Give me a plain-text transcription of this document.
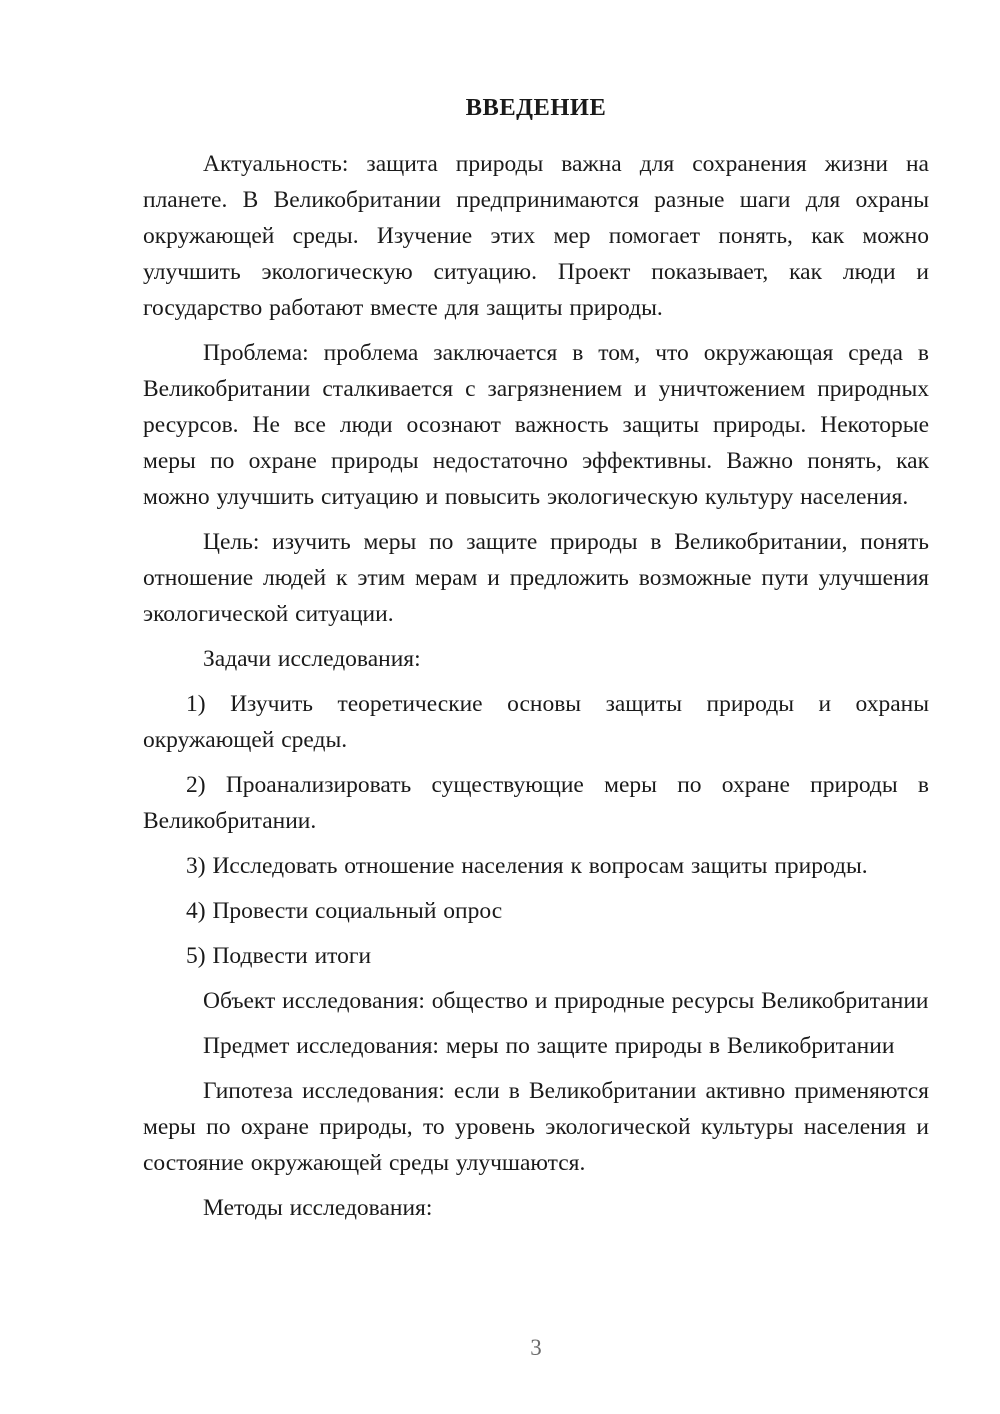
ВВЕДЕНИЕ

Актуальность: защита природы важна для сохранения жизни на планете. В Великобритании предпринимаются разные шаги для охраны окружающей среды. Изучение этих мер помогает понять, как можно улучшить экологическую ситуацию. Проект показывает, как люди и государство работают вместе для защиты природы.

Проблема: проблема заключается в том, что окружающая среда в Великобритании сталкивается с загрязнением и уничтожением природных ресурсов. Не все люди осознают важность защиты природы. Некоторые меры по охране природы недостаточно эффективны. Важно понять, как можно улучшить ситуацию и повысить экологическую культуру населения.

Цель: изучить меры по защите природы в Великобритании, понять отношение людей к этим мерам и предложить возможные пути улучшения экологической ситуации.

Задачи исследования:

1) Изучить теоретические основы защиты природы и охраны окружающей среды.

2) Проанализировать существующие меры по охране природы в Великобритании.

3) Исследовать отношение населения к вопросам защиты природы.

4) Провести социальный опрос

5) Подвести итоги

Объект исследования: общество и природные ресурсы Великобритании

Предмет исследования: меры по защите природы в Великобритании

Гипотеза исследования: если в Великобритании активно применяются меры по охране природы, то уровень экологической культуры населения и состояние окружающей среды улучшаются.

Методы исследования:

3
